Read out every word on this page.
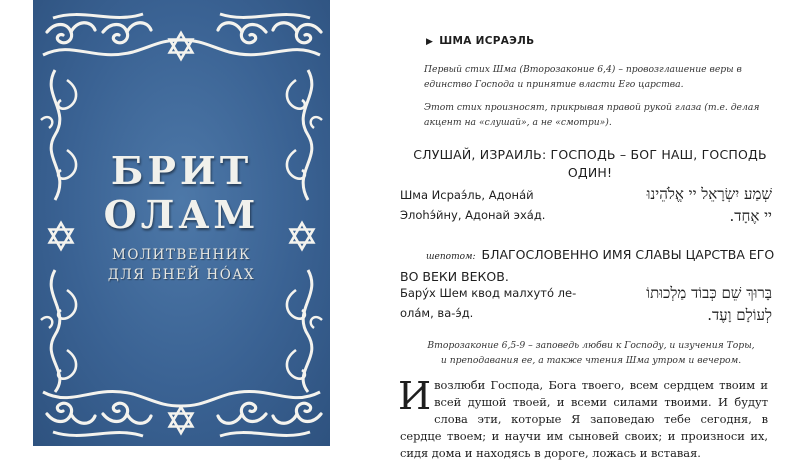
БРИТ
ОЛАМ
МОЛИТВЕННИК
ДЛЯ БНЕЙ НÓАХ
▶ ШМА ИСРАЭЛЬ
Первый стих Шма (Второзаконие 6,4) – провозглашение веры в единство Господа и принятие власти Его царства.
Этот стих произносят, прикрывая правой рукой глаза (т.е. делая акцент на «слушай», а не «смотри»).
СЛУШАЙ, ИЗРАИЛЬ: ГОСПОДЬ – БОГ НАШ, ГОСПОДЬ ОДИН!
Шма Исраэ́ль, Адона́й
Элоhэ́йну, Адонай эха́д.
שְׁמַע יִשְׂרָאֵל יי אֱלֹהֵינוּ
יי אֶחָד.
шепотом: БЛАГОСЛОВЕННО ИМЯ СЛАВЫ ЦАРСТВА ЕГО
ВО ВЕКИ ВЕКОВ.
Бару́х Шем квод малхуто́ ле-
ола́м, ва-э́д.
בָּרוּךְ שֵׁם כְּבוֹד מַלְכוּתוֹ
לְעוֹלָם וָעֶד.
Второзаконие 6,5-9 – заповедь любви к Господу, и изучения Торы, и преподавания ее, а также чтения Шма утром и вечером.
И возлюби Господа, Бога твоего, всем сердцем твоим и всей душой твоей, и всеми силами твоими. И будут слова эти, которые Я заповедаю тебе сегодня, в сердце твоем; и научи им сыновей своих; и произноси их, сидя дома и находясь в дороге, ложась и вставая.
